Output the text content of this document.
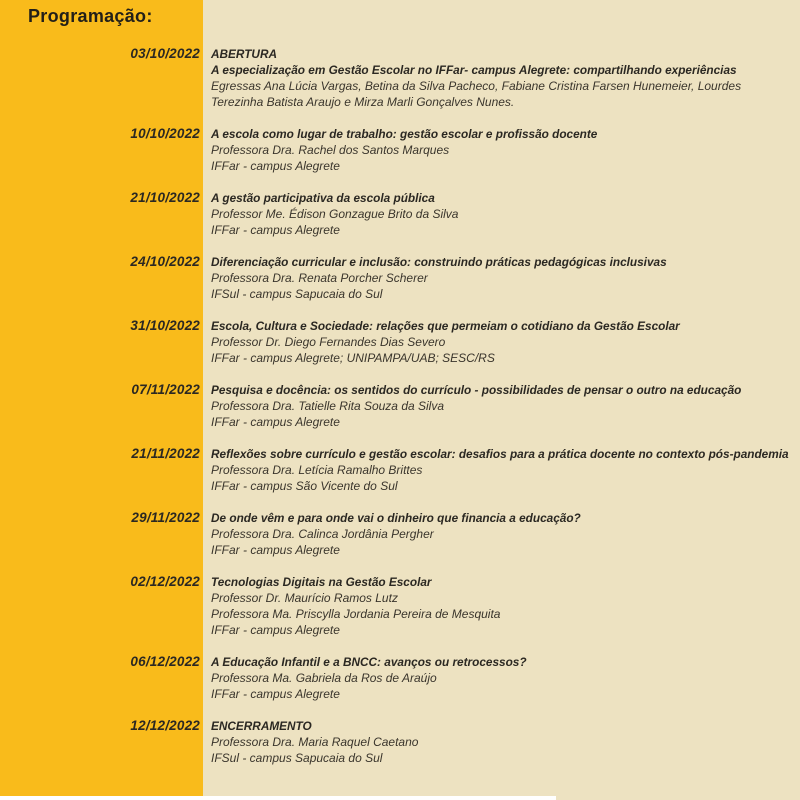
Programação:
03/10/2022 ABERTURA
A especialização em Gestão Escolar no IFFar- campus Alegrete: compartilhando experiências
Egressas Ana Lúcia Vargas, Betina da Silva Pacheco, Fabiane Cristina Farsen Hunemeier, Lourdes Terezinha Batista Araujo e Mirza Marli Gonçalves Nunes.
10/10/2022 A escola como lugar de trabalho: gestão escolar e profissão docente
Professora Dra. Rachel dos Santos Marques
IFFar - campus Alegrete
21/10/2022 A gestão participativa da escola pública
Professor Me. Édison Gonzague Brito da Silva
IFFar - campus Alegrete
24/10/2022 Diferenciação curricular e inclusão: construindo práticas pedagógicas inclusivas
Professora Dra. Renata Porcher Scherer
IFSul - campus Sapucaia do Sul
31/10/2022 Escola, Cultura e Sociedade: relações que permeiam o cotidiano da Gestão Escolar
Professor Dr. Diego Fernandes Dias Severo
IFFar - campus Alegrete; UNIPAMPA/UAB; SESC/RS
07/11/2022 Pesquisa e docência: os sentidos do currículo - possibilidades de pensar o outro na educação
Professora Dra. Tatielle Rita Souza da Silva
IFFar - campus Alegrete
21/11/2022 Reflexões sobre currículo e gestão escolar: desafios para a prática docente no contexto pós-pandemia
Professora Dra. Letícia Ramalho Brittes
IFFar - campus São Vicente do Sul
29/11/2022 De onde vêm e para onde vai o dinheiro que financia a educação?
Professora Dra. Calinca Jordânia Pergher
IFFar - campus Alegrete
02/12/2022 Tecnologias Digitais na Gestão Escolar
Professor Dr. Maurício Ramos Lutz
Professora Ma. Priscylla Jordania Pereira de Mesquita
IFFar - campus Alegrete
06/12/2022 A Educação Infantil e a BNCC: avanços ou retrocessos?
Professora Ma. Gabriela da Ros de Araújo
IFFar - campus Alegrete
12/12/2022 ENCERRAMENTO
Professora Dra. Maria Raquel Caetano
IFSul - campus Sapucaia do Sul
